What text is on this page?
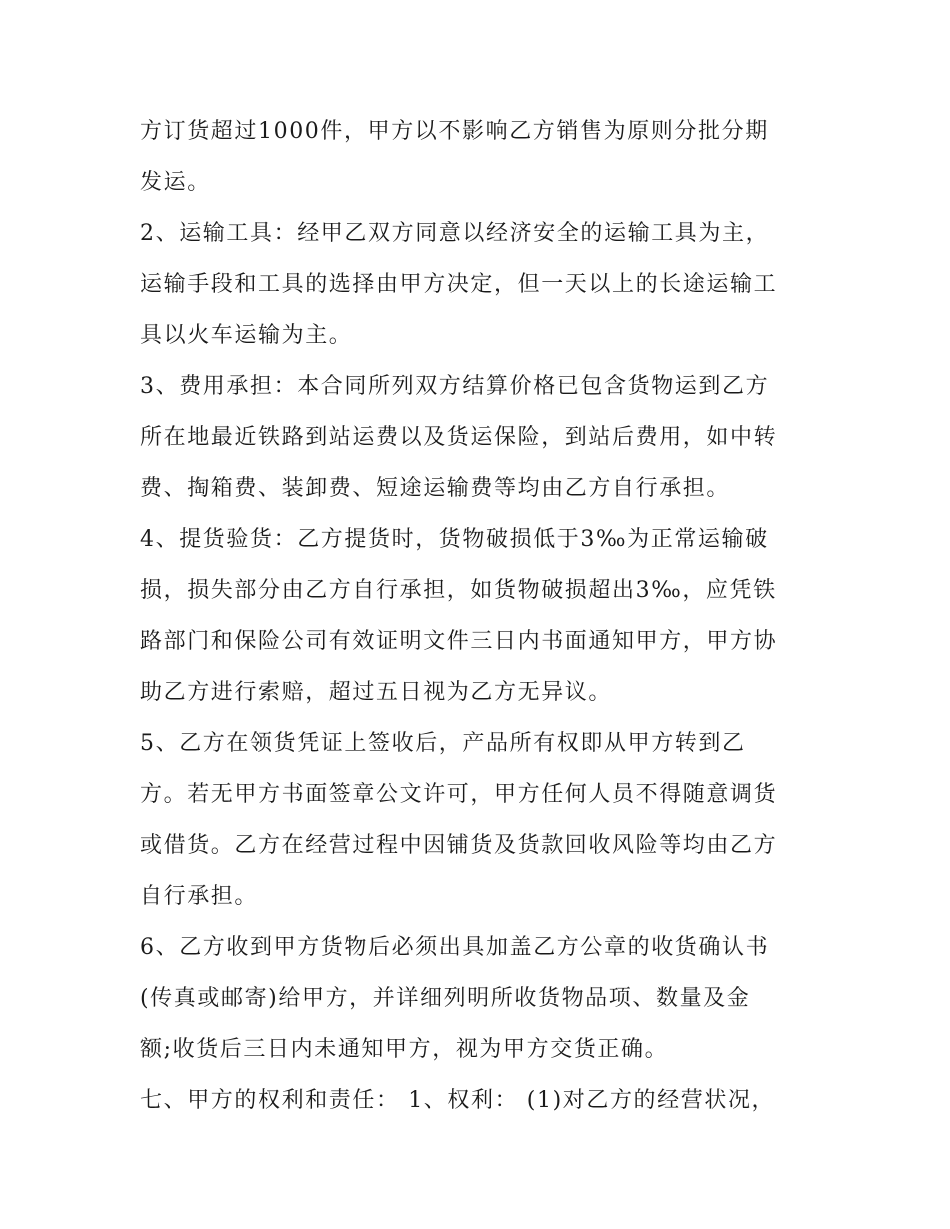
方订货超过1000件，甲方以不影响乙方销售为原则分批分期
发运。
2、运输工具：经甲乙双方同意以经济安全的运输工具为主，
运输手段和工具的选择由甲方决定，但一天以上的长途运输工
具以火车运输为主。
3、费用承担：本合同所列双方结算价格已包含货物运到乙方
所在地最近铁路到站运费以及货运保险，到站后费用，如中转
费、掏箱费、装卸费、短途运输费等均由乙方自行承担。
4、提货验货：乙方提货时，货物破损低于3‰为正常运输破
损，损失部分由乙方自行承担，如货物破损超出3‰，应凭铁
路部门和保险公司有效证明文件三日内书面通知甲方，甲方协
助乙方进行索赔，超过五日视为乙方无异议。
5、乙方在领货凭证上签收后，产品所有权即从甲方转到乙
方。若无甲方书面签章公文许可，甲方任何人员不得随意调货
或借货。乙方在经营过程中因铺货及货款回收风险等均由乙方
自行承担。
6、乙方收到甲方货物后必须出具加盖乙方公章的收货确认书
(传真或邮寄)给甲方，并详细列明所收货物品项、数量及金
额;收货后三日内未通知甲方，视为甲方交货正确。
七、甲方的权利和责任： 1、权利： (1)对乙方的经营状况，
